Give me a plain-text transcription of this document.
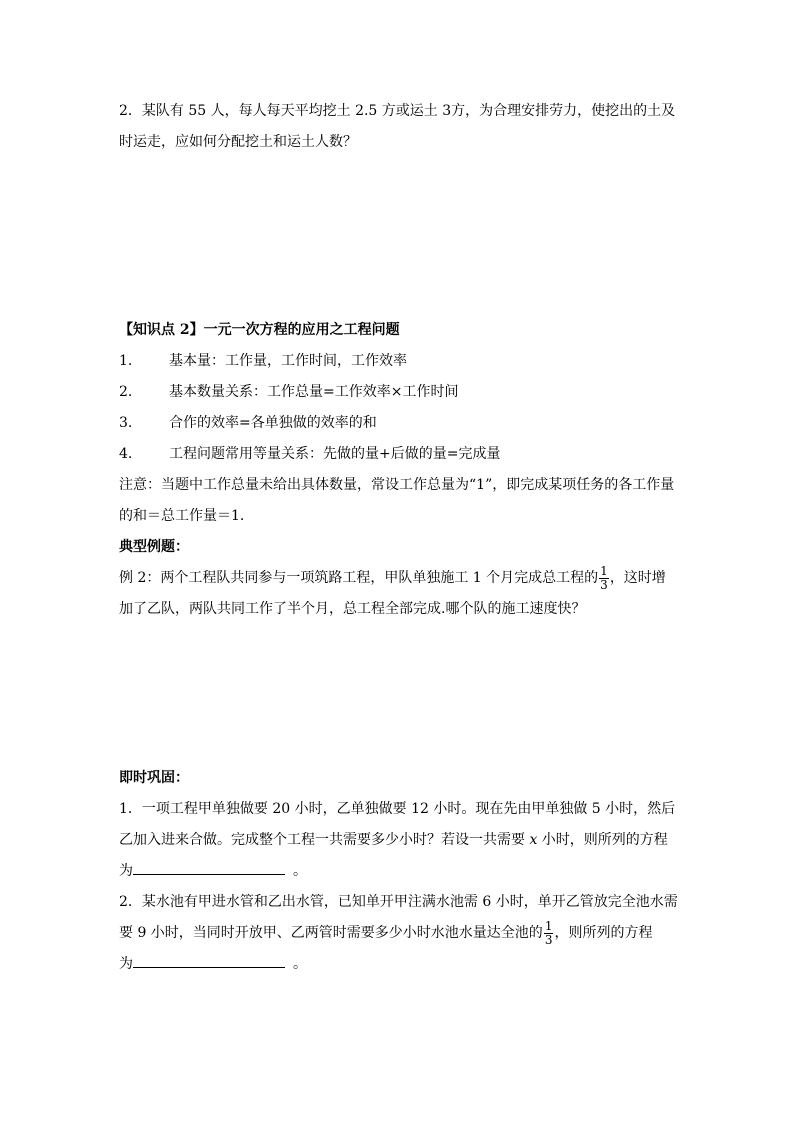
2．某队有 55 人，每人每天平均挖土 2.5 方或运土 3方，为合理安排劳力，使挖出的土及时运走，应如何分配挖土和运土人数？

【知识点 2】一元一次方程的应用之工程问题

1.	基本量：工作量，工作时间，工作效率
2.	基本数量关系：工作总量=工作效率×工作时间
3.	合作的效率=各单独做的效率的和
4.	工程问题常用等量关系：先做的量+后做的量=完成量

注意：当题中工作总量未给出具体数量，常设工作总量为“1”，即完成某项任务的各工作量的和＝总工作量＝1.

典型例题：

例 2：两个工程队共同参与一项筑路工程，甲队单独施工 1 个月完成总工程的 $\frac{1}{3}$ ，这时增加了乙队，两队共同工作了半个月，总工程全部完成.哪个队的施工速度快？

即时巩固：

1．一项工程甲单独做要 20 小时，乙单独做要 12 小时。现在先由甲单独做 5 小时，然后乙加入进来合做。完成整个工程一共需要多少小时？若设一共需要 x 小时，则所列的方程
为	。

2．某水池有甲进水管和乙出水管，已知单开甲注满水池需 6 小时，单开乙管放完全池水需要 9 小时，当同时开放甲、乙两管时需要多少小时水池水量达全池的 $\frac{1}{3}$ ，则所列的方程
为	。
